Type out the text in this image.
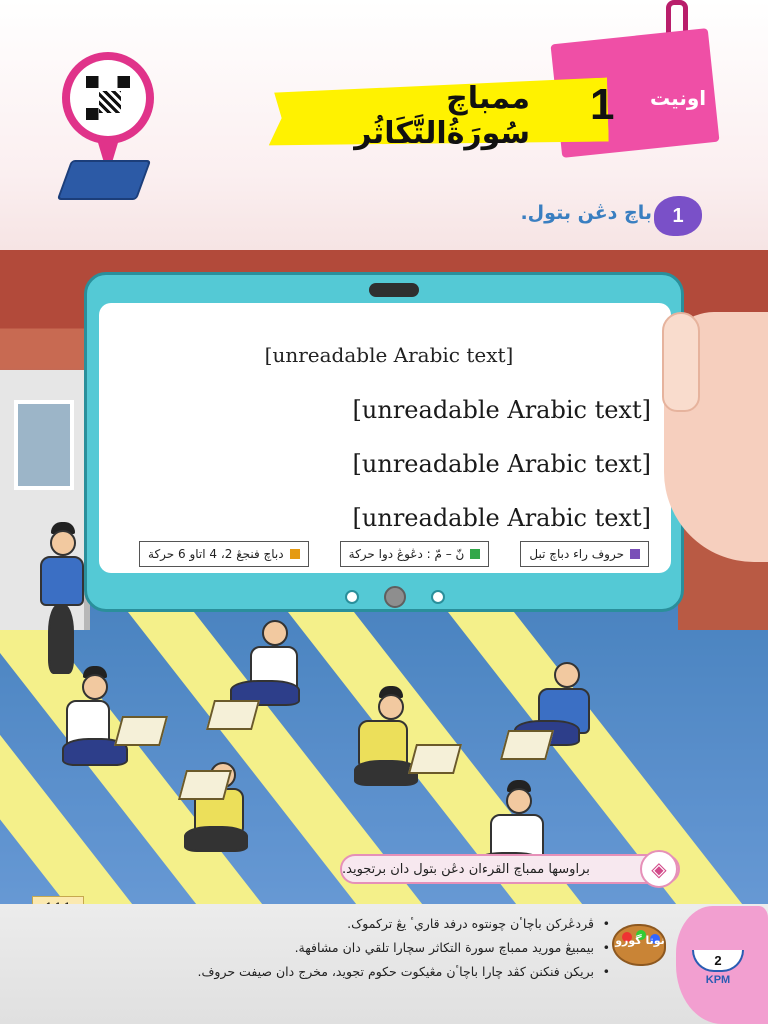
ممباچ سُورَةُالتَّكَاثُر
1 اونيت
1
باچ دڠن بتول.
[unreadable Arabic text]
[unreadable Arabic text]
[unreadable Arabic text]
[unreadable Arabic text]
حروف راء دباچ تبل
نّ – مّ : دڠوڠ دوا حرکة
دباچ فنجڠ 2، 4 اتاو 6 حرکة
براوسها ممباچ القرءان دڠن بتول دان برتجويد.	◈
• ڤردڠرکن باچاٴن چونتوه درفد قاريٴ يڠ ترکموک.
• بيمبيڠ موريد ممباچ سورة التکاثر سچارا تلقي دان مشافهة.
• بريکن فنکنن کڤد چارا باچاٴن مڠيکوت حکوم تجويد، مخرج دان صيفت حروف.
نوتا گورو
2
KPM
